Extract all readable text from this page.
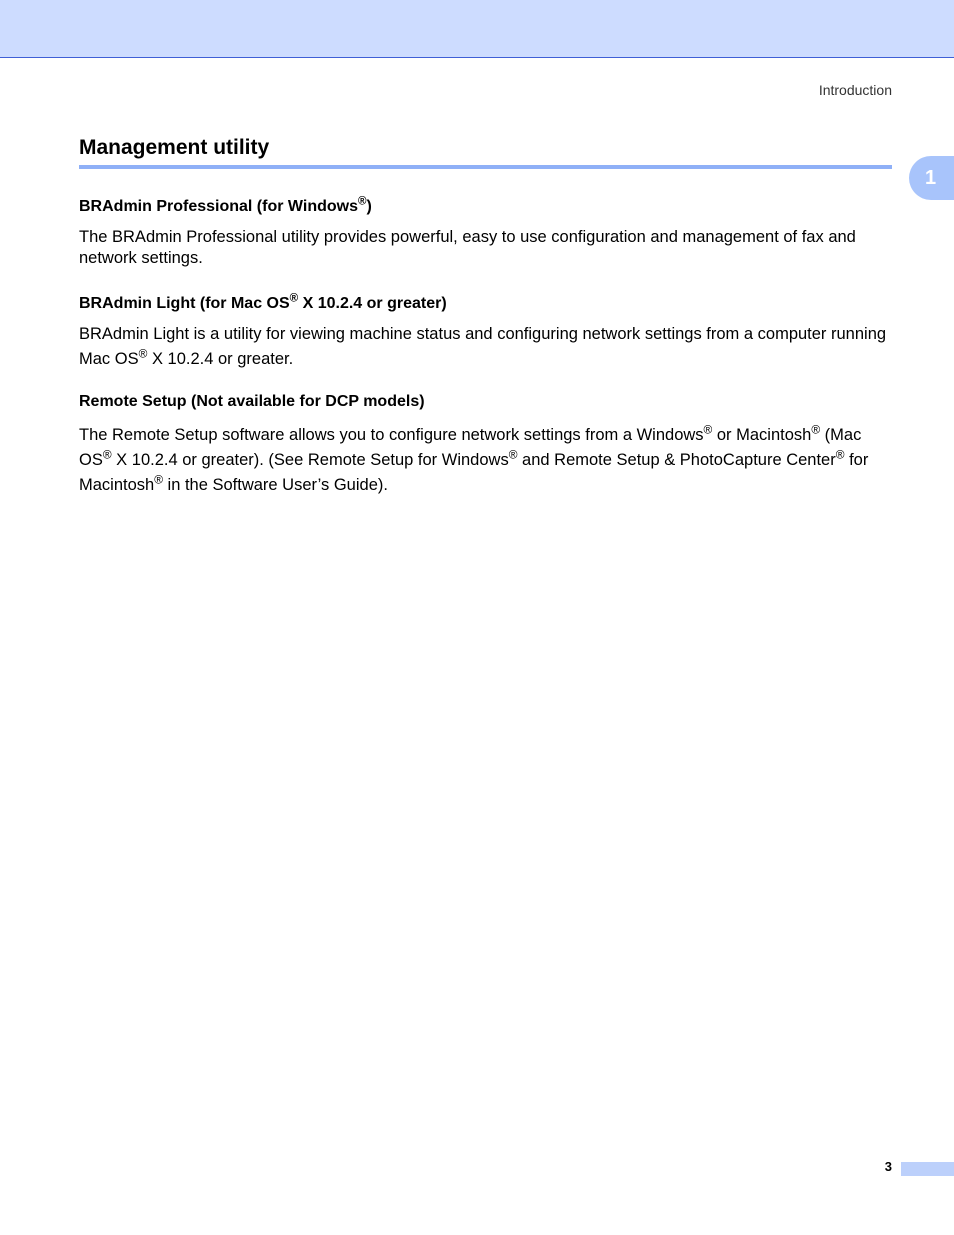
Introduction
1
Management utility
BRAdmin Professional (for Windows®)

The BRAdmin Professional utility provides powerful, easy to use configuration and management of fax and network settings.

BRAdmin Light (for Mac OS® X 10.2.4 or greater)

BRAdmin Light is a utility for viewing machine status and configuring network settings from a computer running Mac OS® X 10.2.4 or greater.

Remote Setup (Not available for DCP models)

The Remote Setup software allows you to configure network settings from a Windows® or Macintosh® (Mac OS® X 10.2.4 or greater). (See Remote Setup for Windows® and Remote Setup & PhotoCapture Center® for Macintosh® in the Software User’s Guide).

3
